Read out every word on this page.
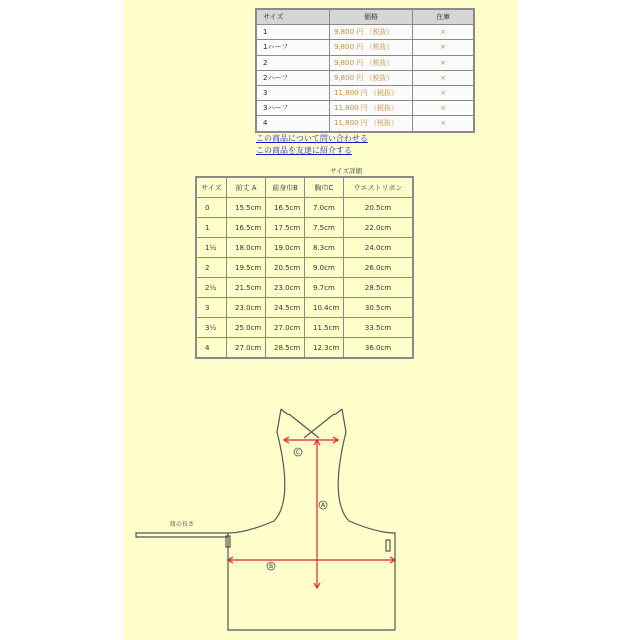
サイズ	価格	在庫
1	9,800 円 （税抜）	×
1ハーフ	9,800 円 （税抜）	×
2	9,800 円 （税抜）	×
2ハーフ	9,800 円 （税抜）	×
3	11,800 円 （税抜）	×
3ハーフ	11,800 円 （税抜）	×
4	11,800 円 （税抜）	×
この商品について問い合わせる
この商品を友達に紹介する
サイズ詳細
サイズ	前丈 A	前身巾B	胸巾C	ウエストリボン
0	15.5cm	16.5cm	7.0cm	20.5cm
1	16.5cm	17.5cm	7.5cm	22.0cm
1½	18.0cm	19.0cm	8.3cm	24.0cm
2	19.5cm	20.5cm	9.0cm	26.0cm
2½	21.5cm	23.0cm	9.7cm	28.5cm
3	23.0cm	24.5cm	10.4cm	30.5cm
3½	25.0cm	27.0cm	11.5cm	33.5cm
4	27.0cm	28.5cm	12.3cm	36.0cm
C
A
B
紐の長さ
